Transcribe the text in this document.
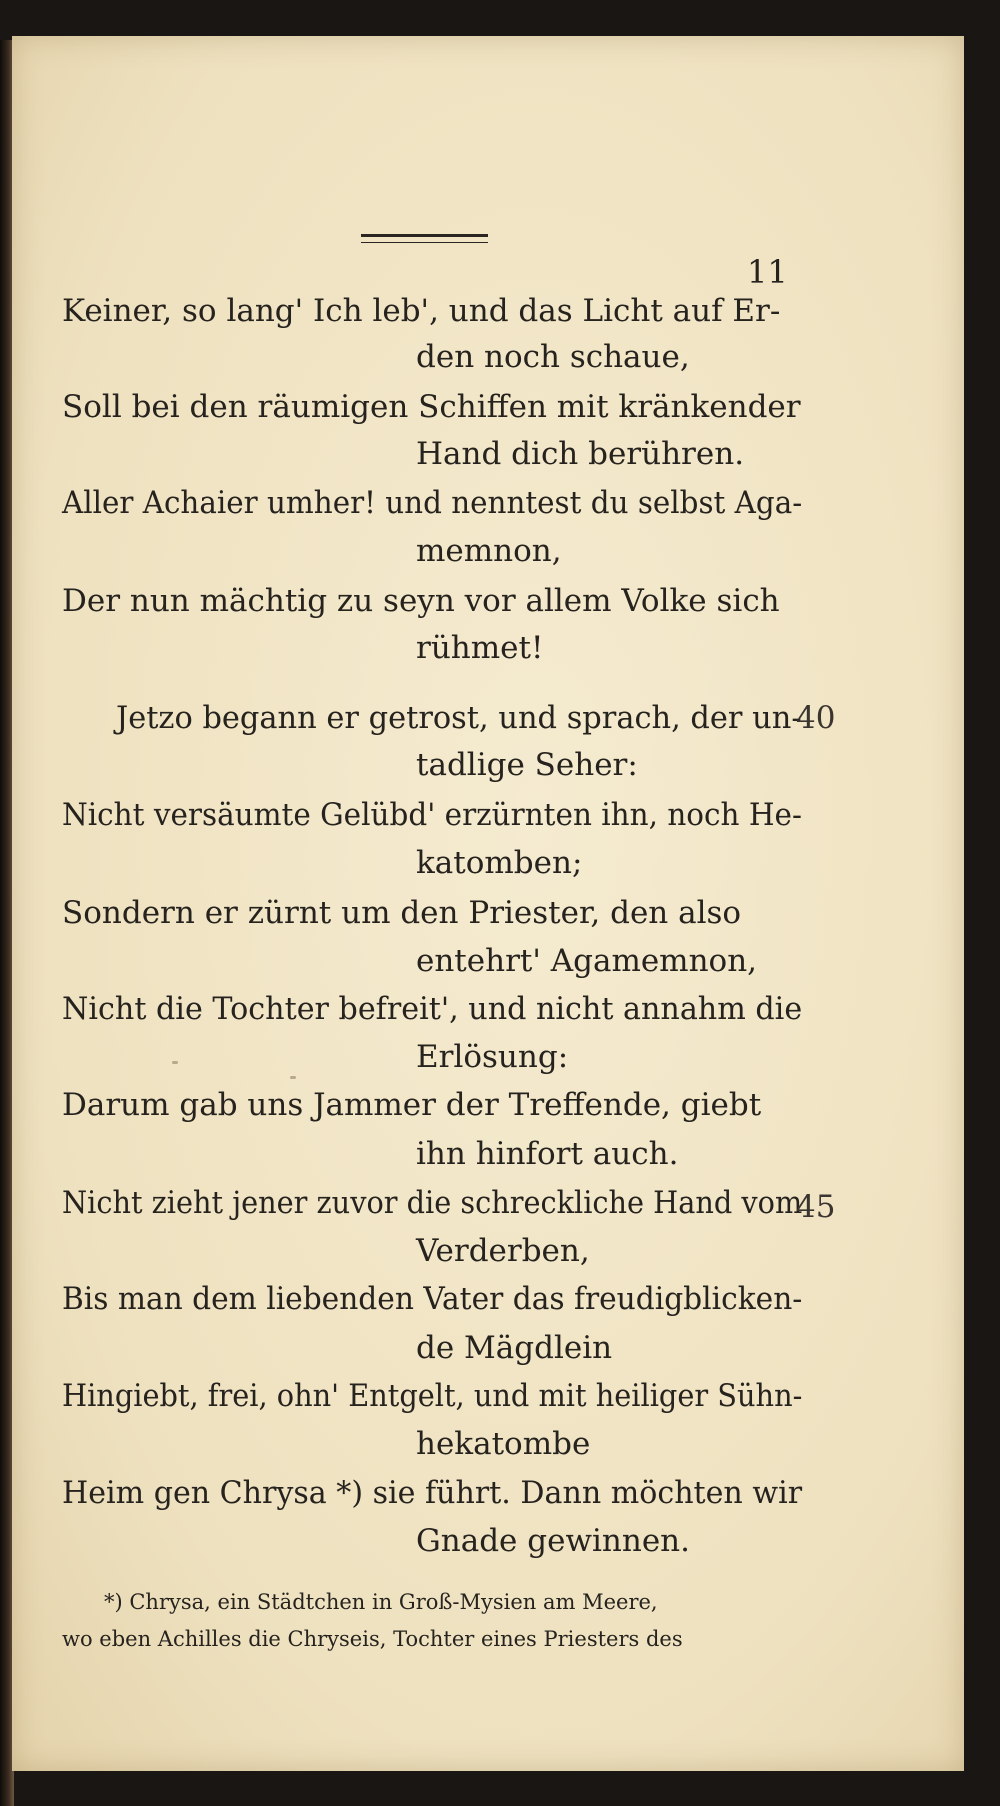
11
Keiner, so lang' Ich leb', und das Licht auf Er-
den noch schaue,
Soll bei den räumigen Schiffen mit kränkender
Hand dich berühren.
Aller Achaier umher! und nenntest du selbst Aga-
memnon,
Der nun mächtig zu seyn vor allem Volke sich
rühmet!
Jetzo begann er getrost, und sprach, der un-
tadlige Seher:
Nicht versäumte Gelübd' erzürnten ihn, noch He-
katomben;
Sondern er zürnt um den Priester, den also
entehrt' Agamemnon,
Nicht die Tochter befreit', und nicht annahm die
Erlösung:
Darum gab uns Jammer der Treffende, giebt
ihn hinfort auch.
Nicht zieht jener zuvor die schreckliche Hand vom
Verderben,
Bis man dem liebenden Vater das freudigblicken-
de Mägdlein
Hingiebt, frei, ohn' Entgelt, und mit heiliger Sühn-
hekatombe
Heim gen Chrysa *) sie führt. Dann möchten wir
Gnade gewinnen.
40
45
*) Chrysa, ein Städtchen in Groß-Mysien am Meere,
wo eben Achilles die Chryseis, Tochter eines Priesters des
